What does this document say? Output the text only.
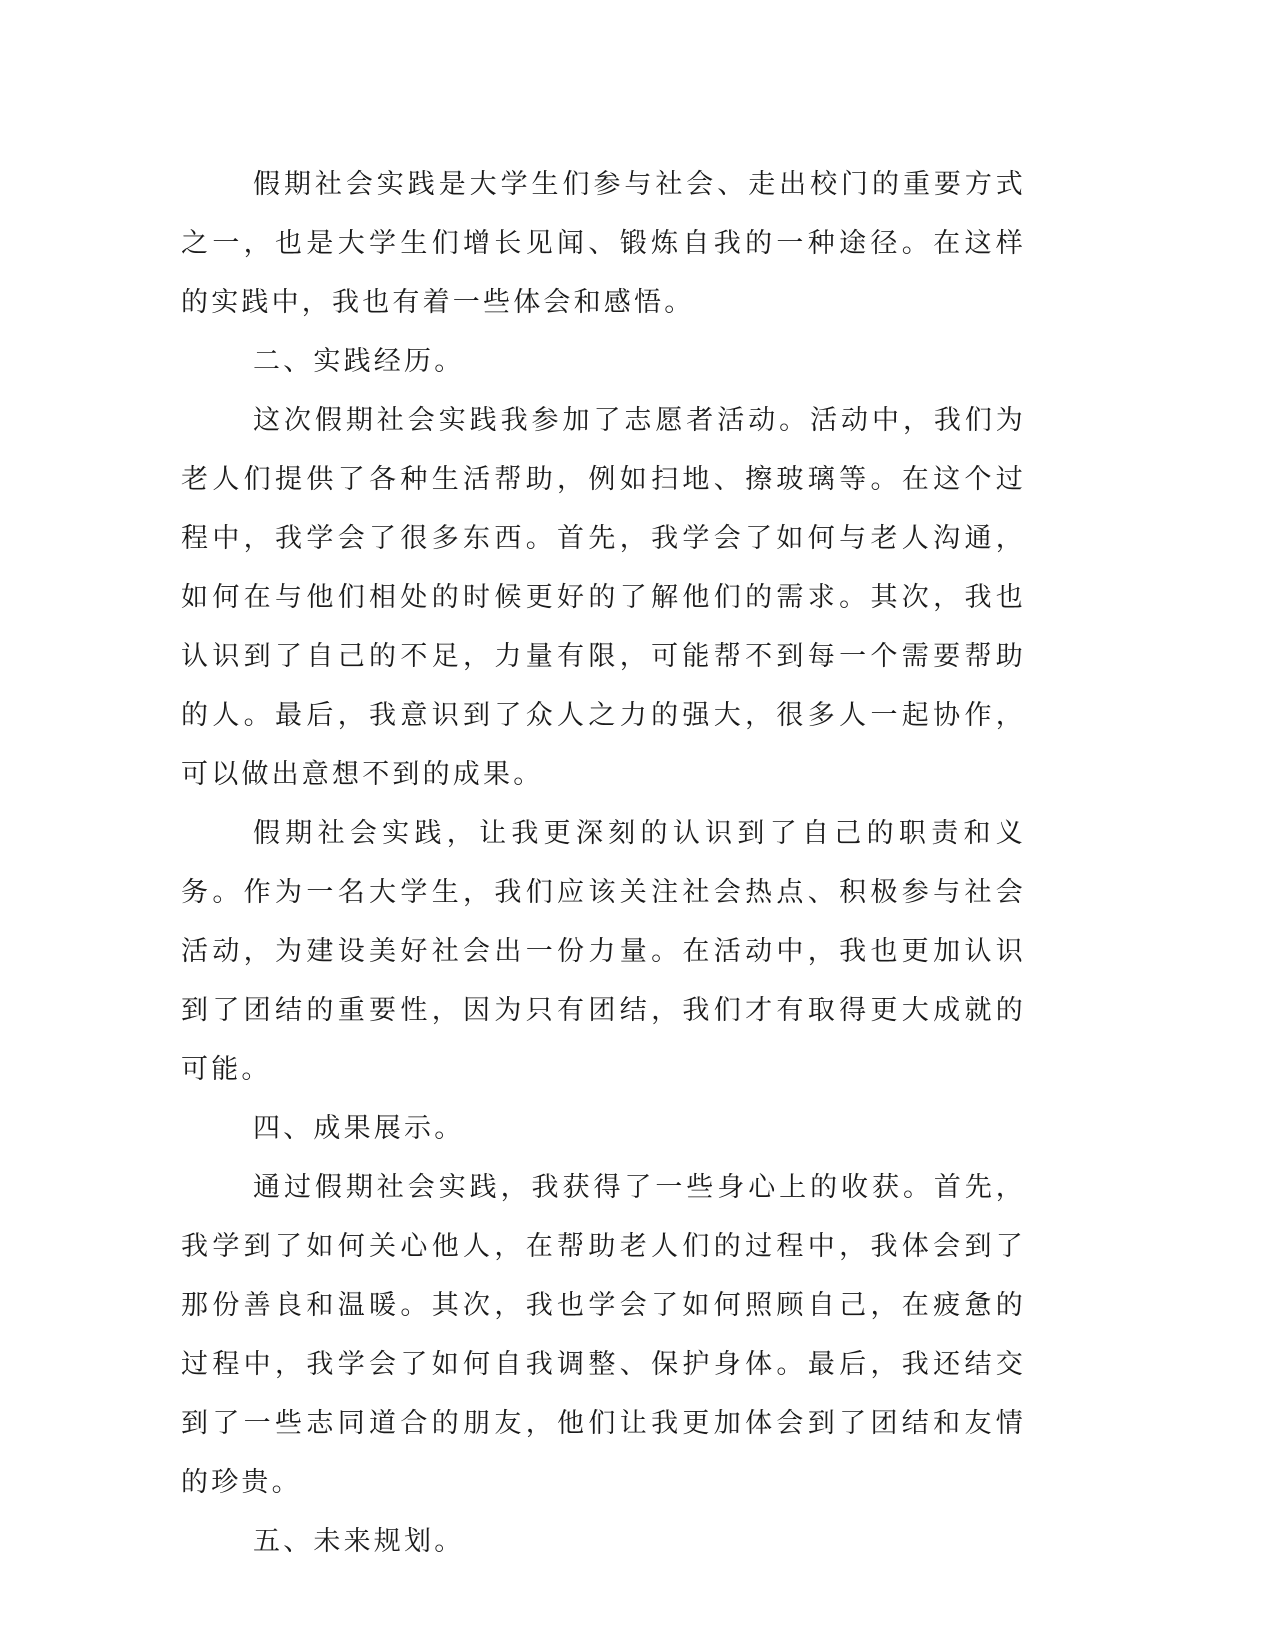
假期社会实践是大学生们参与社会、走出校门的重要方式之一，也是大学生们增长见闻、锻炼自我的一种途径。在这样的实践中，我也有着一些体会和感悟。

二、实践经历。

这次假期社会实践我参加了志愿者活动。活动中，我们为老人们提供了各种生活帮助，例如扫地、擦玻璃等。在这个过程中，我学会了很多东西。首先，我学会了如何与老人沟通，如何在与他们相处的时候更好的了解他们的需求。其次，我也认识到了自己的不足，力量有限，可能帮不到每一个需要帮助的人。最后，我意识到了众人之力的强大，很多人一起协作，可以做出意想不到的成果。

假期社会实践，让我更深刻的认识到了自己的职责和义务。作为一名大学生，我们应该关注社会热点、积极参与社会活动，为建设美好社会出一份力量。在活动中，我也更加认识到了团结的重要性，因为只有团结，我们才有取得更大成就的可能。

四、成果展示。

通过假期社会实践，我获得了一些身心上的收获。首先，我学到了如何关心他人，在帮助老人们的过程中，我体会到了那份善良和温暖。其次，我也学会了如何照顾自己，在疲惫的过程中，我学会了如何自我调整、保护身体。最后，我还结交到了一些志同道合的朋友，他们让我更加体会到了团结和友情的珍贵。

五、未来规划。
